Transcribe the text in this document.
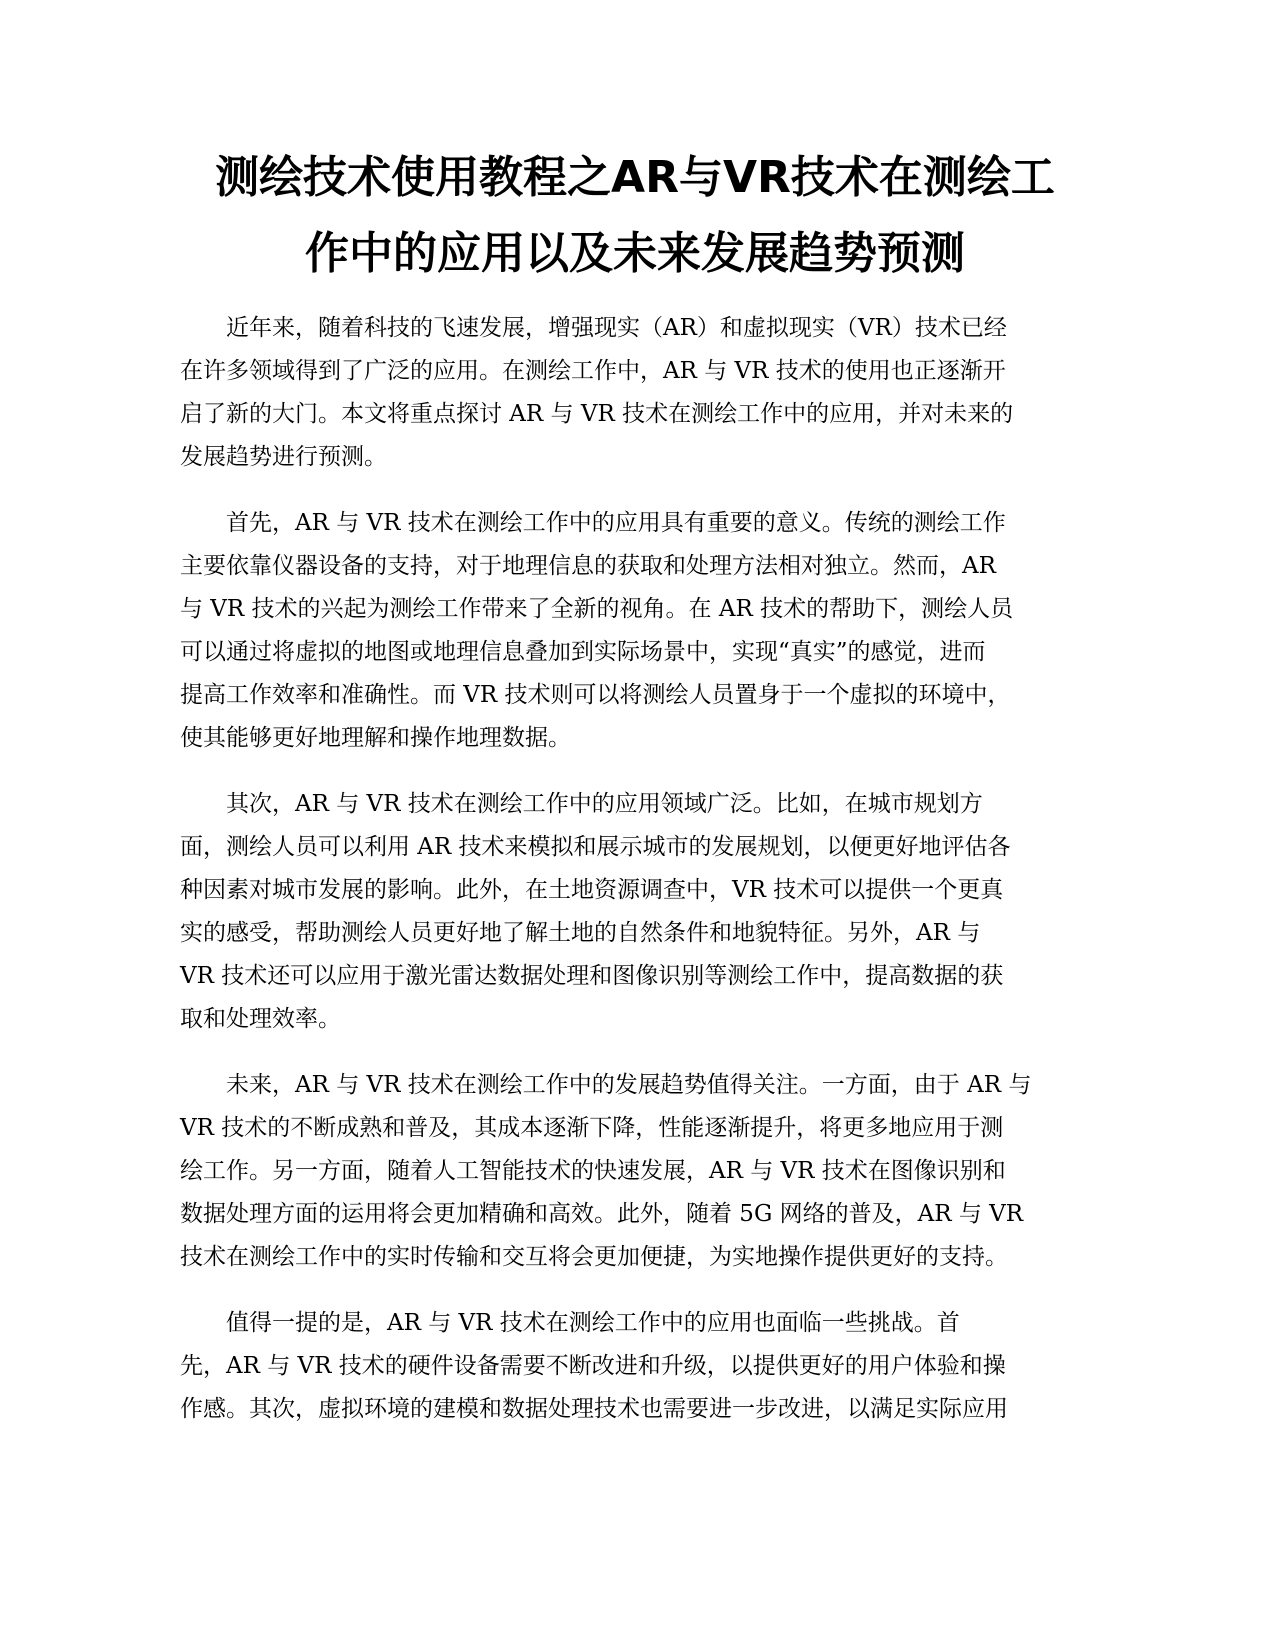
测绘技术使用教程之AR与VR技术在测绘工
作中的应用以及未来发展趋势预测

近年来，随着科技的飞速发展，增强现实（AR）和虚拟现实（VR）技术已经
在许多领域得到了广泛的应用。在测绘工作中，AR 与 VR 技术的使用也正逐渐开
启了新的大门。本文将重点探讨 AR 与 VR 技术在测绘工作中的应用，并对未来的
发展趋势进行预测。

首先，AR 与 VR 技术在测绘工作中的应用具有重要的意义。传统的测绘工作
主要依靠仪器设备的支持，对于地理信息的获取和处理方法相对独立。然而，AR
与 VR 技术的兴起为测绘工作带来了全新的视角。在 AR 技术的帮助下，测绘人员
可以通过将虚拟的地图或地理信息叠加到实际场景中，实现“真实”的感觉，进而
提高工作效率和准确性。而 VR 技术则可以将测绘人员置身于一个虚拟的环境中，
使其能够更好地理解和操作地理数据。

其次，AR 与 VR 技术在测绘工作中的应用领域广泛。比如，在城市规划方
面，测绘人员可以利用 AR 技术来模拟和展示城市的发展规划，以便更好地评估各
种因素对城市发展的影响。此外，在土地资源调查中，VR 技术可以提供一个更真
实的感受，帮助测绘人员更好地了解土地的自然条件和地貌特征。另外，AR 与
VR 技术还可以应用于激光雷达数据处理和图像识别等测绘工作中，提高数据的获
取和处理效率。

未来，AR 与 VR 技术在测绘工作中的发展趋势值得关注。一方面，由于 AR 与
VR 技术的不断成熟和普及，其成本逐渐下降，性能逐渐提升，将更多地应用于测
绘工作。另一方面，随着人工智能技术的快速发展，AR 与 VR 技术在图像识别和
数据处理方面的运用将会更加精确和高效。此外，随着 5G 网络的普及，AR 与 VR
技术在测绘工作中的实时传输和交互将会更加便捷，为实地操作提供更好的支持。

值得一提的是，AR 与 VR 技术在测绘工作中的应用也面临一些挑战。首
先，AR 与 VR 技术的硬件设备需要不断改进和升级，以提供更好的用户体验和操
作感。其次，虚拟环境的建模和数据处理技术也需要进一步改进，以满足实际应用
